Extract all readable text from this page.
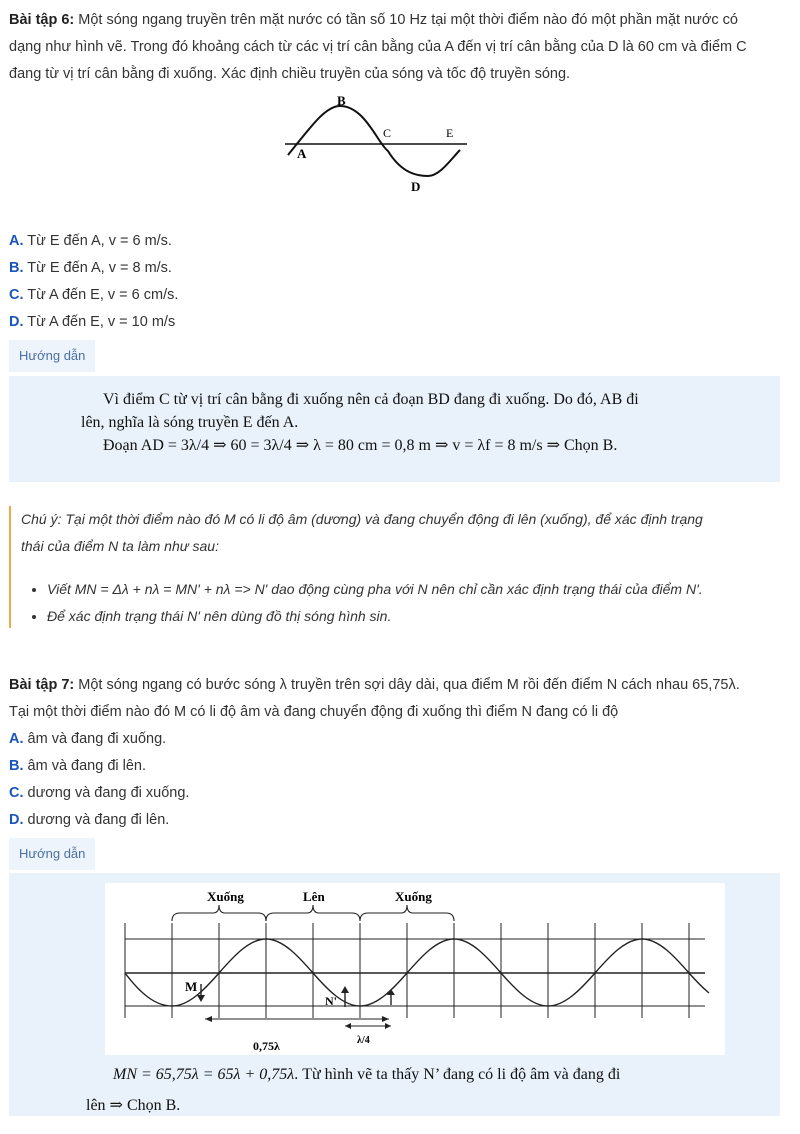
Bài tập 6: Một sóng ngang truyền trên mặt nước có tần số 10 Hz tại một thời điểm nào đó một phần mặt nước có
dạng như hình vẽ. Trong đó khoảng cách từ các vị trí cân bằng của A đến vị trí cân bằng của D là 60 cm và điểm C
đang từ vị trí cân bằng đi xuống. Xác định chiều truyền của sóng và tốc độ truyền sóng.
B
A
C	E
D
A. Từ E đến A, v = 6 m/s.
B. Từ E đến A, v = 8 m/s.
C. Từ A đến E, v = 6 cm/s.
D. Từ A đến E, v = 10 m/s
Hướng dẫn
Vì điểm C từ vị trí cân bằng đi xuống nên cả đoạn BD đang đi xuống. Do đó, AB đi
lên, nghĩa là sóng truyền E đến A.
Đoạn AD = 3λ/4 ⇒ 60 = 3λ/4 ⇒ λ = 80 cm = 0,8 m ⇒ v = λf = 8 m/s ⇒ Chọn B.
Chú ý: Tại một thời điểm nào đó M có li độ âm (dương) và đang chuyển động đi lên (xuống), để xác định trạng
thái của điểm N ta làm như sau:
• Viết MN = Δλ + nλ = MN' + nλ => N' dao động cùng pha với N nên chỉ cần xác định trạng thái của điểm N'.
• Để xác định trạng thái N' nên dùng đồ thị sóng hình sin.
Bài tập 7: Một sóng ngang có bước sóng λ truyền trên sợi dây dài, qua điểm M rồi đến điểm N cách nhau 65,75λ.
Tại một thời điểm nào đó M có li độ âm và đang chuyển động đi xuống thì điểm N đang có li độ
A. âm và đang đi xuống.
B. âm và đang đi lên.
C. dương và đang đi xuống.
D. dương và đang đi lên.
Hướng dẫn
Xuống	Lên	Xuống
M
N'
0,75λ	λ/4
MN = 65,75λ = 65λ + 0,75λ. Từ hình vẽ ta thấy N’ đang có li độ âm và đang đi
lên ⇒ Chọn B.
